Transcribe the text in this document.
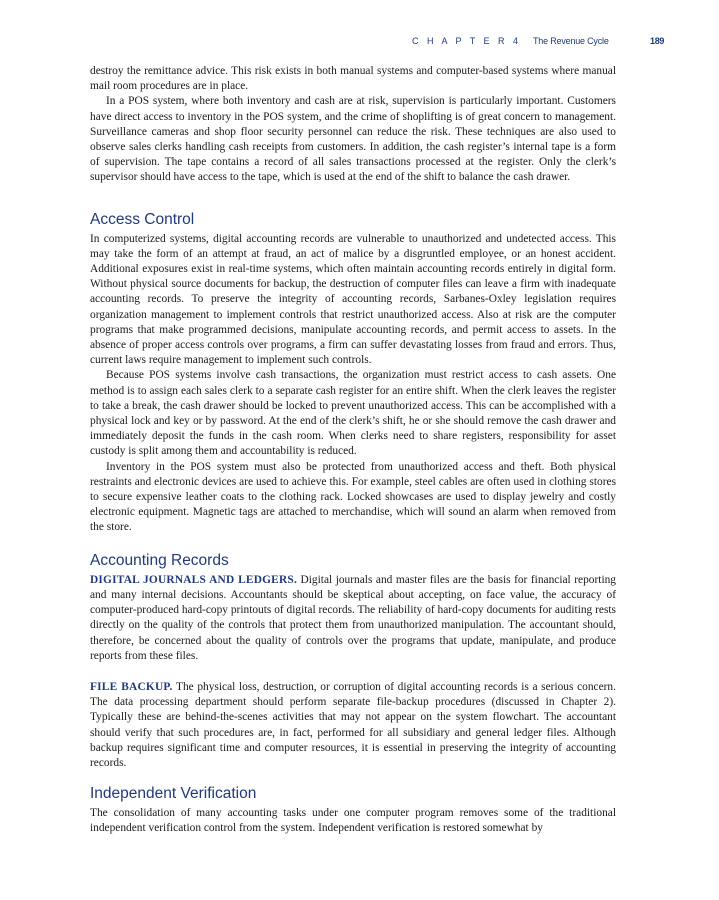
C H A P T E R 4 The Revenue Cycle	189

destroy the remittance advice. This risk exists in both manual systems and computer-based systems where manual mail room procedures are in place.

In a POS system, where both inventory and cash are at risk, supervision is particularly important. Customers have direct access to inventory in the POS system, and the crime of shoplifting is of great concern to management. Surveillance cameras and shop floor security personnel can reduce the risk. These techniques are also used to observe sales clerks handling cash receipts from customers. In addition, the cash register’s internal tape is a form of supervision. The tape contains a record of all sales transactions processed at the register. Only the clerk’s supervisor should have access to the tape, which is used at the end of the shift to balance the cash drawer.

Access Control

In computerized systems, digital accounting records are vulnerable to unauthorized and undetected access. This may take the form of an attempt at fraud, an act of malice by a disgruntled employee, or an honest accident. Additional exposures exist in real-time systems, which often maintain accounting records entirely in digital form. Without physical source documents for backup, the destruction of computer files can leave a firm with inadequate accounting records. To preserve the integrity of accounting records, Sarbanes-Oxley legislation requires organization management to implement controls that restrict unauthorized access. Also at risk are the computer programs that make programmed decisions, manipulate accounting records, and permit access to assets. In the absence of proper access controls over programs, a firm can suffer devastating losses from fraud and errors. Thus, current laws require management to implement such controls.

Because POS systems involve cash transactions, the organization must restrict access to cash assets. One method is to assign each sales clerk to a separate cash register for an entire shift. When the clerk leaves the register to take a break, the cash drawer should be locked to prevent unauthorized access. This can be accomplished with a physical lock and key or by password. At the end of the clerk’s shift, he or she should remove the cash drawer and immediately deposit the funds in the cash room. When clerks need to share registers, responsibility for asset custody is split among them and accountability is reduced.

Inventory in the POS system must also be protected from unauthorized access and theft. Both physical restraints and electronic devices are used to achieve this. For example, steel cables are often used in clothing stores to secure expensive leather coats to the clothing rack. Locked showcases are used to display jewelry and costly electronic equipment. Magnetic tags are attached to merchandise, which will sound an alarm when removed from the store.

Accounting Records

DIGITAL JOURNALS AND LEDGERS. Digital journals and master files are the basis for financial reporting and many internal decisions. Accountants should be skeptical about accepting, on face value, the accuracy of computer-produced hard-copy printouts of digital records. The reliability of hard-copy documents for auditing rests directly on the quality of the controls that protect them from unauthorized manipulation. The accountant should, therefore, be concerned about the quality of controls over the programs that update, manipulate, and produce reports from these files.

FILE BACKUP. The physical loss, destruction, or corruption of digital accounting records is a serious concern. The data processing department should perform separate file-backup procedures (discussed in Chapter 2). Typically these are behind-the-scenes activities that may not appear on the system flowchart. The accountant should verify that such procedures are, in fact, performed for all subsidiary and general ledger files. Although backup requires significant time and computer resources, it is essential in preserving the integrity of accounting records.

Independent Verification

The consolidation of many accounting tasks under one computer program removes some of the traditional independent verification control from the system. Independent verification is restored somewhat by
